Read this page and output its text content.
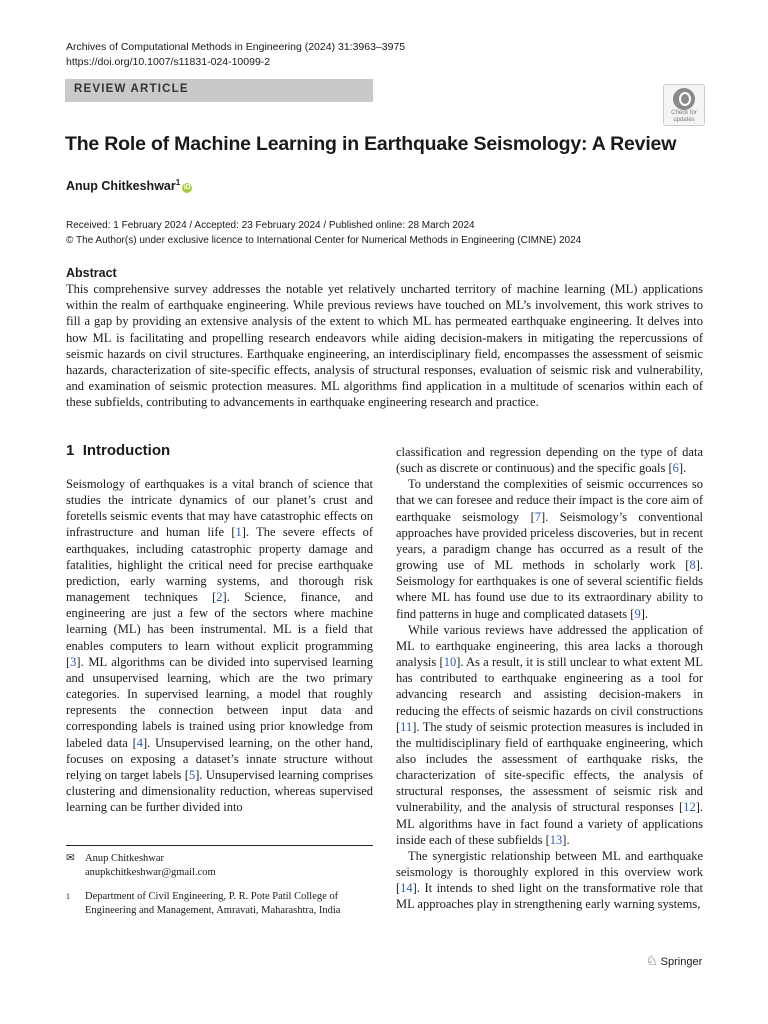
Archives of Computational Methods in Engineering (2024) 31:3963–3975
https://doi.org/10.1007/s11831-024-10099-2
REVIEW ARTICLE
Check for
updates
The Role of Machine Learning in Earthquake Seismology: A Review
Anup Chitkeshwar$^1$iD
Received: 1 February 2024 / Accepted: 23 February 2024 / Published online: 28 March 2024
© The Author(s) under exclusive licence to International Center for Numerical Methods in Engineering (CIMNE) 2024
Abstract
This comprehensive survey addresses the notable yet relatively uncharted territory of machine learning (ML) applications within the realm of earthquake engineering. While previous reviews have touched on ML’s involvement, this work strives to fill a gap by providing an extensive analysis of the extent to which ML has permeated earthquake engineering. It delves into how ML is facilitating and propelling research endeavors while aiding decision-makers in mitigating the repercussions of seismic hazards on civil structures. Earthquake engineering, an interdisciplinary field, encompasses the assessment of seismic hazards, characterization of site-specific effects, analysis of structural responses, evaluation of seismic risk and vulnerability, and examination of seismic protection measures. ML algorithms find application in a multitude of scenarios within each of these subfields, contributing to advancements in earthquake engineering research and practice.
1 Introduction

Seismology of earthquakes is a vital branch of science that studies the intricate dynamics of our planet’s crust and foretells seismic events that may have catastrophic effects on infrastructure and human life [1]. The severe effects of earthquakes, including catastrophic property damage and fatalities, highlight the critical need for precise earthquake prediction, early warning systems, and thorough risk management techniques [2]. Science, finance, and engineering are just a few of the sectors where machine learning (ML) has been instrumental. ML is a field that enables computers to learn without explicit programming [3]. ML algorithms can be divided into supervised learning and unsupervised learning, which are the two primary categories. In supervised learning, a model that roughly represents the connection between input data and corresponding labels is trained using prior knowledge from labeled data [4]. Unsupervised learning, on the other hand, focuses on exposing a dataset’s innate structure without relying on target labels [5]. Unsupervised learning comprises clustering and dimensionality reduction, whereas supervised learning can be further divided into

classification and regression depending on the type of data (such as discrete or continuous) and the specific goals [6].

To understand the complexities of seismic occurrences so that we can foresee and reduce their impact is the core aim of earthquake seismology [7]. Seismology’s conventional approaches have provided priceless discoveries, but in recent years, a paradigm change has occurred as a result of the growing use of ML methods in scholarly work [8]. Seismology for earthquakes is one of several scientific fields where ML has found use due to its extraordinary ability to find patterns in huge and complicated datasets [9].

While various reviews have addressed the application of ML to earthquake engineering, this area lacks a thorough analysis [10]. As a result, it is still unclear to what extent ML has contributed to earthquake engineering as a tool for advancing research and assisting decision-makers in reducing the effects of seismic hazards on civil constructions [11]. The study of seismic protection measures is included in the multidisciplinary field of earthquake engineering, which also includes the assessment of earthquake risks, the characterization of site-specific effects, the analysis of structural responses, the assessment of seismic risk and vulnerability, and the analysis of structural responses [12]. ML algorithms have in fact found a variety of applications inside each of these subfields [13].

The synergistic relationship between ML and earthquake seismology is thoroughly explored in this overview work [14]. It intends to shed light on the transformative role that ML approaches play in strengthening early warning systems,

✉ Anup Chitkeshwar
anupkchitkeshwar@gmail.com
1 Department of Civil Engineering, P. R. Pote Patil College of Engineering and Management, Amravati, Maharashtra, India
♘ Springer
